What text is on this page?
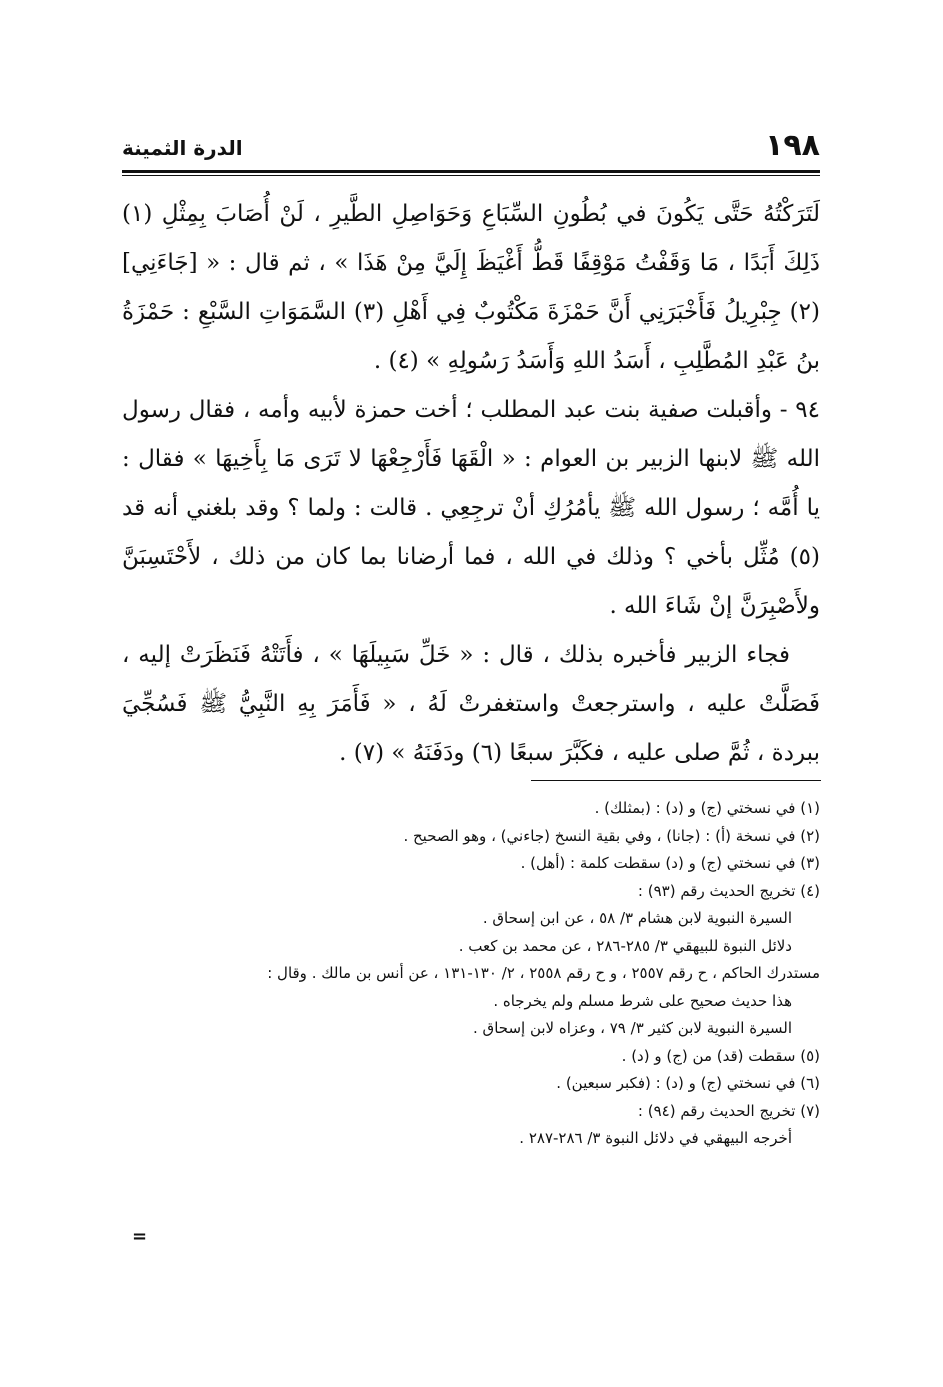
١٩٨
الدرة الثمينة

لَتَرَكْتُهُ حَتَّى يَكُونَ في بُطُونِ السِّبَاعِ وَحَوَاصِلِ الطَّيرِ ، لَنْ أُصَابَ بِمِثْلِ (١) ذَلِكَ أَبَدًا ، مَا وَقَفْتُ مَوْقِفًا قَطُّ أَغْيَظَ إِلَيَّ مِنْ هَذَا » ، ثم قال : « [جَاءَنِي] (٢) جِبْرِيلُ فَأَخْبَرَنِي أَنَّ حَمْزَةَ مَكْتُوبٌ فِي أَهْلِ (٣) السَّمَوَاتِ السَّبْعِ : حَمْزَةُ بنُ عَبْدِ المُطَّلِبِ ، أَسَدُ اللهِ وَأَسَدُ رَسُولِهِ » (٤) .

٩٤ - وأقبلت صفية بنت عبد المطلب ؛ أخت حمزة لأبيه وأمه ، فقال رسول الله ﷺ لابنها الزبير بن العوام : « الْقَهَا فَأَرْجِعْهَا لا تَرَى مَا بِأَخِيهَا » فقال : يا أُمَّه ؛ رسول الله ﷺ يأمُرُكِ أنْ ترجِعِي . قالت : ولما ؟ وقد بلغني أنه قد (٥) مُثِّل بأخي ؟ وذلك في الله ، فما أرضانا بما كان من ذلك ، لأَحْتَسِبَنَّ ولأَصْبِرَنَّ إنْ شَاءَ الله .

فجاء الزبير فأخبره بذلك ، قال : « خَلِّ سَبِيلَهَا » ، فأَتَتْهُ فَنَظَرَتْ إليه ، فَصَلَّتْ عليه ، واسترجعتْ واستغفرتْ لَهُ ، « فَأَمَرَ بِهِ النَّبِيُّ ﷺ فَسُجِّيَ ببردة ، ثُمَّ صلى عليه ، فكَبَّرَ سبعًا (٦) ودَفَنَهُ » (٧) .

(١) في نسختي (ج) و (د) : (بمثلك) .
(٢) في نسخة (أ) : (جانا) ، وفي بقية النسخ (جاءني) ، وهو الصحيح .
(٣) في نسختي (ج) و (د) سقطت كلمة : (أهل) .
(٤) تخريج الحديث رقم (٩٣) :
السيرة النبوية لابن هشام ٣/ ٥٨ ، عن ابن إسحاق .
دلائل النبوة للبيهقي ٣/ ٢٨٥-٢٨٦ ، عن محمد بن كعب .
مستدرك الحاكم ، ح رقم ٢٥٥٧ ، و ح رقم ٢٥٥٨ ، ٢/ ١٣٠-١٣١ ، عن أنس بن مالك . وقال :
هذا حديث صحيح على شرط مسلم ولم يخرجاه .
السيرة النبوية لابن كثير ٣/ ٧٩ ، وعزاه لابن إسحاق .
(٥) سقطت (قد) من (ج) و (د) .
(٦) في نسختي (ج) و (د) : (فكبر سبعين) .
(٧) تخريج الحديث رقم (٩٤) :
أخرجه البيهقي في دلائل النبوة ٣/ ٢٨٦-٢٨٧ .
=
